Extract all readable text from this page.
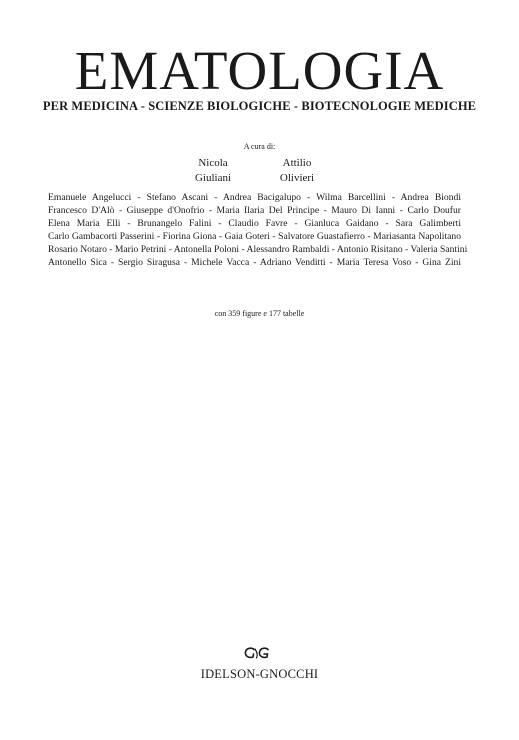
EMATOLOGIA
PER MEDICINA - SCIENZE BIOLOGICHE - BIOTECNOLOGIE MEDICHE
A cura di:
Nicola
Giuliani
Attilio
Olivieri
Emanuele Angelucci - Stefano Ascani - Andrea Bacigalupo - Wilma Barcellini - Andrea Biondi
Francesco D'Alò - Giuseppe d'Onofrio - Maria Ilaria Del Principe - Mauro Di Ianni - Carlo Doufur
Elena Maria Elli - Brunangelo Falini - Claudio Favre - Gianluca Gaidano - Sara Galimberti
Carlo Gambacorti Passerini - Fiorina Giona - Gaia Goteri - Salvatore Guastafierro - Mariasanta Napolitano
Rosario Notaro - Mario Petrini - Antonella Poloni - Alessandro Rambaldi - Antonio Risitano - Valeria Santini
Antonello Sica - Sergio Siragusa - Michele Vacca - Adriano Venditti - Maria Teresa Voso - Gina Zini
con 359 figure e 177 tabelle
IDELSON-GNOCCHI
